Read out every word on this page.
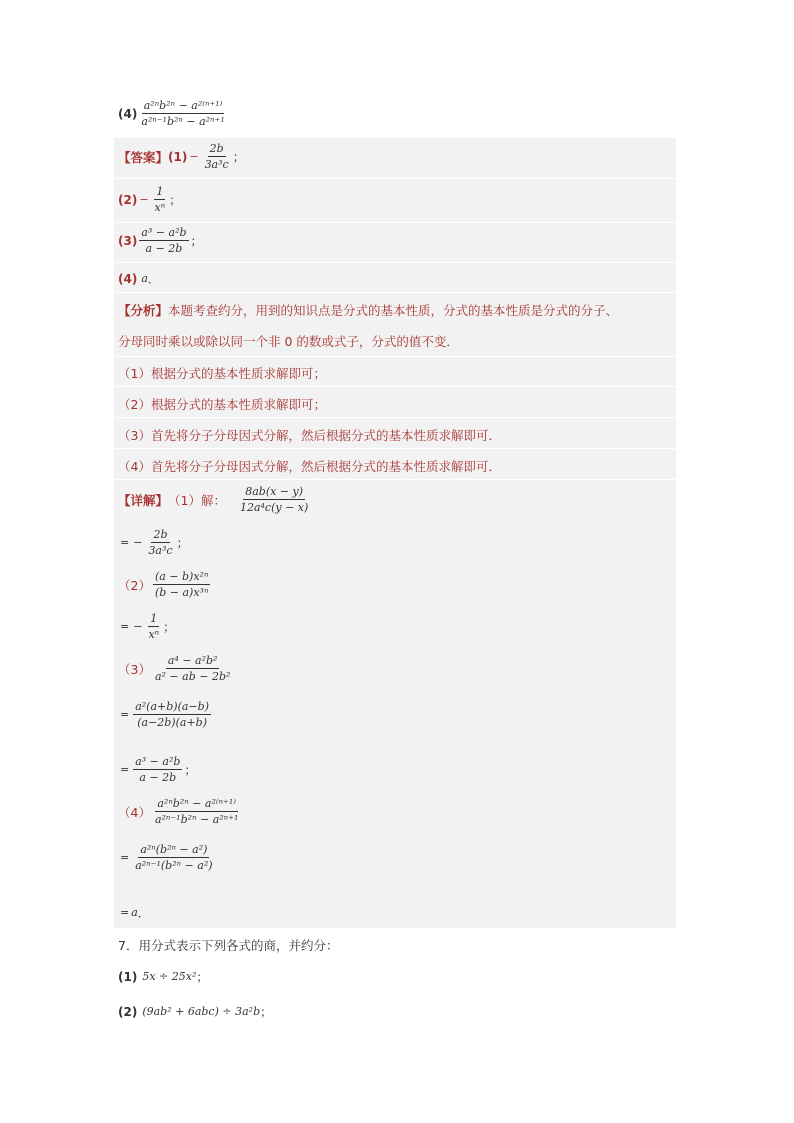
$(4) \frac{\text{a²ⁿb²ⁿ − a²⁽ⁿ⁺¹⁾}}{\text{a²ⁿ⁻¹b²ⁿ − a²ⁿ⁺¹}}$
【答案】 $(1) - \frac{2b}{\text{3a³c}}$ ；
$(2) - \frac{1}{\text{xⁿ}}$ ；
$(3) \frac{\text{a³ − a²b}}{a - 2b}$ ；
(4) a ．
【分析】 本题考查约分，用到的知识点是分式的基本性质，分式的基本性质是分式的分子、
分母同时乘以或除以同一个非 0 的数或式子，分式的值不变．
（1）根据分式的基本性质求解即可；
（2）根据分式的基本性质求解即可；
（3）首先将分子分母因式分解，然后根据分式的基本性质求解即可．
（4）首先将分子分母因式分解，然后根据分式的基本性质求解即可．
【详解】 （1）解： $\frac{8ab(x - y)}{\text{12a⁴c(y − x)}}$
= − $\frac{2b}{\text{3a³c}}$ ；
$(2) \frac{\text{(a − b)x²ⁿ}}{\text{(b − a)x³ⁿ}}$
= − $\frac{1}{\text{xⁿ}}$ ；
$(3) \frac{\text{a⁴ − a²b²}}{\text{a² − ab − 2b²}}$
= $\frac{\text{a²(a+b)(a−b)}}{(a-2b)(a+b)}$
= $\frac{\text{a³ − a²b}}{a - 2b}$ ；
$(4) \frac{\text{a²ⁿb²ⁿ − a²⁽ⁿ⁺¹⁾}}{\text{a²ⁿ⁻¹b²ⁿ − a²ⁿ⁺¹}}$
= $\frac{\text{a²ⁿ(b²ⁿ − a²)}}{\text{a²ⁿ⁻¹(b²ⁿ − a²)}}$
= a ．
7．用分式表示下列各式的商，并约分：
(1) 5x ÷ 25x² ；
(2) (9ab² + 6abc) ÷ 3a²b ；
